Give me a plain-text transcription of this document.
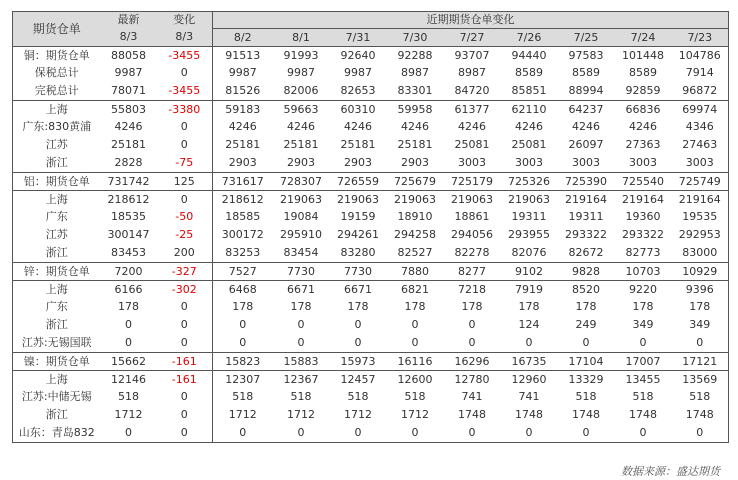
期货仓单	最新	变化	近期期货仓单变化								
	8/3	8/3	8/2	8/1	7/31	7/30	7/27	7/26	7/25	7/24	7/23
铜：期货仓单	88058	-3455	91513	91993	92640	92288	93707	94440	97583	101448	104786
保税总计	9987	0	9987	9987	9987	8987	8987	8589	8589	8589	7914
完税总计	78071	-3455	81526	82006	82653	83301	84720	85851	88994	92859	96872
上海	55803	-3380	59183	59663	60310	59958	61377	62110	64237	66836	69974
广东:830黄浦	4246	0	4246	4246	4246	4246	4246	4246	4246	4246	4346
江苏	25181	0	25181	25181	25181	25181	25081	25081	26097	27363	27463
浙江	2828	-75	2903	2903	2903	2903	3003	3003	3003	3003	3003
铝：期货仓单	731742	125	731617	728307	726559	725679	725179	725326	725390	725540	725749
上海	218612	0	218612	219063	219063	219063	219063	219063	219164	219164	219164
广东	18535	-50	18585	19084	19159	18910	18861	19311	19311	19360	19535
江苏	300147	-25	300172	295910	294261	294258	294056	293955	293322	293322	292953
浙江	83453	200	83253	83454	83280	82527	82278	82076	82672	82773	83000
锌：期货仓单	7200	-327	7527	7730	7730	7880	8277	9102	9828	10703	10929
上海	6166	-302	6468	6671	6671	6821	7218	7919	8520	9220	9396
广东	178	0	178	178	178	178	178	178	178	178	178
浙江	0	0	0	0	0	0	0	124	249	349	349
江苏:无锡国联	0	0	0	0	0	0	0	0	0	0	0
镍：期货仓单	15662	-161	15823	15883	15973	16116	16296	16735	17104	17007	17121
上海	12146	-161	12307	12367	12457	12600	12780	12960	13329	13455	13569
江苏:中储无锡	518	0	518	518	518	518	741	741	518	518	518
浙江	1712	0	1712	1712	1712	1712	1748	1748	1748	1748	1748
山东：青岛832	0	0	0	0	0	0	0	0	0	0	0
数据来源：盛达期货
